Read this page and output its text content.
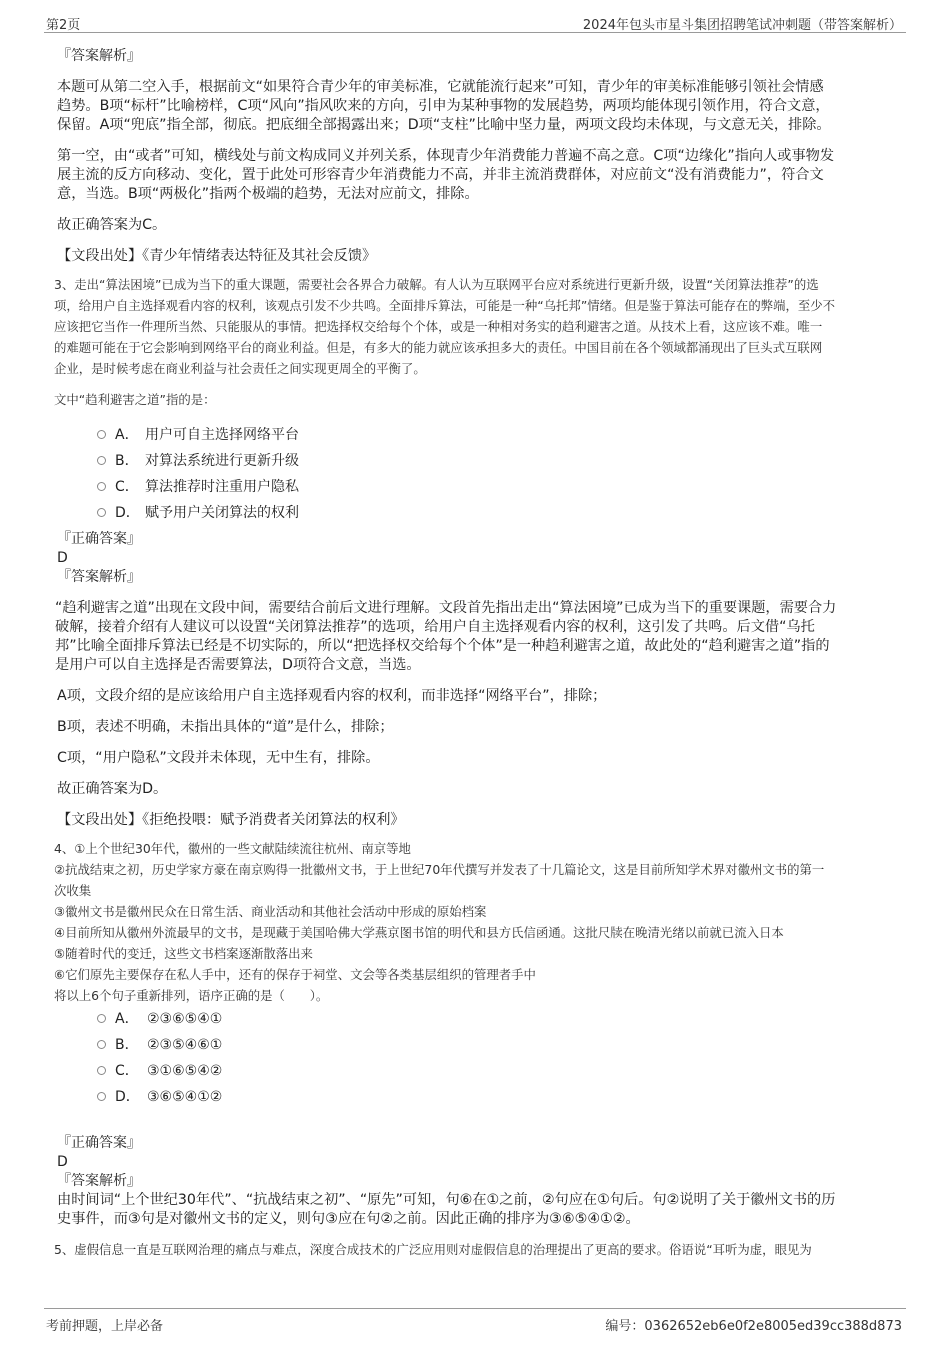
第2页	2024年包头市星斗集团招聘笔试冲刺题（带答案解析）

『答案解析』

本题可从第二空入手，根据前文“如果符合青少年的审美标准，它就能流行起来”可知，青少年的审美标准能够引领社会情感

趋势。B项“标杆”比喻榜样，C项“风向”指风吹来的方向，引申为某种事物的发展趋势，两项均能体现引领作用，符合文意，

保留。A项“兜底”指全部，彻底。把底细全部揭露出来；D项“支柱”比喻中坚力量，两项文段均未体现，与文意无关，排除。

第一空，由“或者”可知，横线处与前文构成同义并列关系，体现青少年消费能力普遍不高之意。C项“边缘化”指向人或事物发

展主流的反方向移动、变化，置于此处可形容青少年消费能力不高，并非主流消费群体，对应前文“没有消费能力”，符合文

意，当选。B项“两极化”指两个极端的趋势，无法对应前文，排除。

故正确答案为C。

【文段出处】《青少年情绪表达特征及其社会反馈》

3、走出“算法困境”已成为当下的重大课题，需要社会各界合力破解。有人认为互联网平台应对系统进行更新升级，设置“关闭算法推荐”的选

项，给用户自主选择观看内容的权利，该观点引发不少共鸣。全面排斥算法，可能是一种“乌托邦”情绪。但是鉴于算法可能存在的弊端，至少不

应该把它当作一件理所当然、只能服从的事情。把选择权交给每个个体，或是一种相对务实的趋利避害之道。从技术上看，这应该不难。唯一

的难题可能在于它会影响到网络平台的商业利益。但是，有多大的能力就应该承担多大的责任。中国目前在各个领域都涌现出了巨头式互联网

企业，是时候考虑在商业利益与社会责任之间实现更周全的平衡了。

文中“趋利避害之道”指的是：

A． 用户可自主选择网络平台
B． 对算法系统进行更新升级
C． 算法推荐时注重用户隐私
D． 赋予用户关闭算法的权利

『正确答案』

D

『答案解析』

“趋利避害之道”出现在文段中间，需要结合前后文进行理解。文段首先指出走出“算法困境”已成为当下的重要课题，需要合力

破解，接着介绍有人建议可以设置“关闭算法推荐”的选项，给用户自主选择观看内容的权利，这引发了共鸣。后文借“乌托

邦”比喻全面排斥算法已经是不切实际的，所以“把选择权交给每个个体”是一种趋利避害之道，故此处的“趋利避害之道”指的

是用户可以自主选择是否需要算法，D项符合文意，当选。

A项，文段介绍的是应该给用户自主选择观看内容的权利，而非选择“网络平台”，排除；

B项，表述不明确，未指出具体的“道”是什么，排除；

C项，“用户隐私”文段并未体现，无中生有，排除。

故正确答案为D。

【文段出处】《拒绝投喂：赋予消费者关闭算法的权利》

4、①上个世纪30年代，徽州的一些文献陆续流往杭州、南京等地

②抗战结束之初，历史学家方豪在南京购得一批徽州文书，于上世纪70年代撰写并发表了十几篇论文，这是目前所知学术界对徽州文书的第一

次收集

③徽州文书是徽州民众在日常生活、商业活动和其他社会活动中形成的原始档案

④目前所知从徽州外流最早的文书，是现藏于美国哈佛大学燕京图书馆的明代和县方氏信函通。这批尺牍在晚清光绪以前就已流入日本

⑤随着时代的变迁，这些文书档案逐渐散落出来

⑥它们原先主要保存在私人手中，还有的保存于祠堂、文会等各类基层组织的管理者手中

将以上6个句子重新排列，语序正确的是（　　）。

A． ②③⑥⑤④①
B． ②③⑤④⑥①
C． ③①⑥⑤④②
D． ③⑥⑤④①②

『正确答案』

D

『答案解析』

由时间词“上个世纪30年代”、“抗战结束之初”、“原先”可知，句⑥在①之前，②句应在①句后。句②说明了关于徽州文书的历

史事件，而③句是对徽州文书的定义，则句③应在句②之前。因此正确的排序为③⑥⑤④①②。

5、虚假信息一直是互联网治理的痛点与难点，深度合成技术的广泛应用则对虚假信息的治理提出了更高的要求。俗语说“耳听为虚，眼见为

考前押题，上岸必备	编号：0362652eb6e0f2e8005ed39cc388d873
